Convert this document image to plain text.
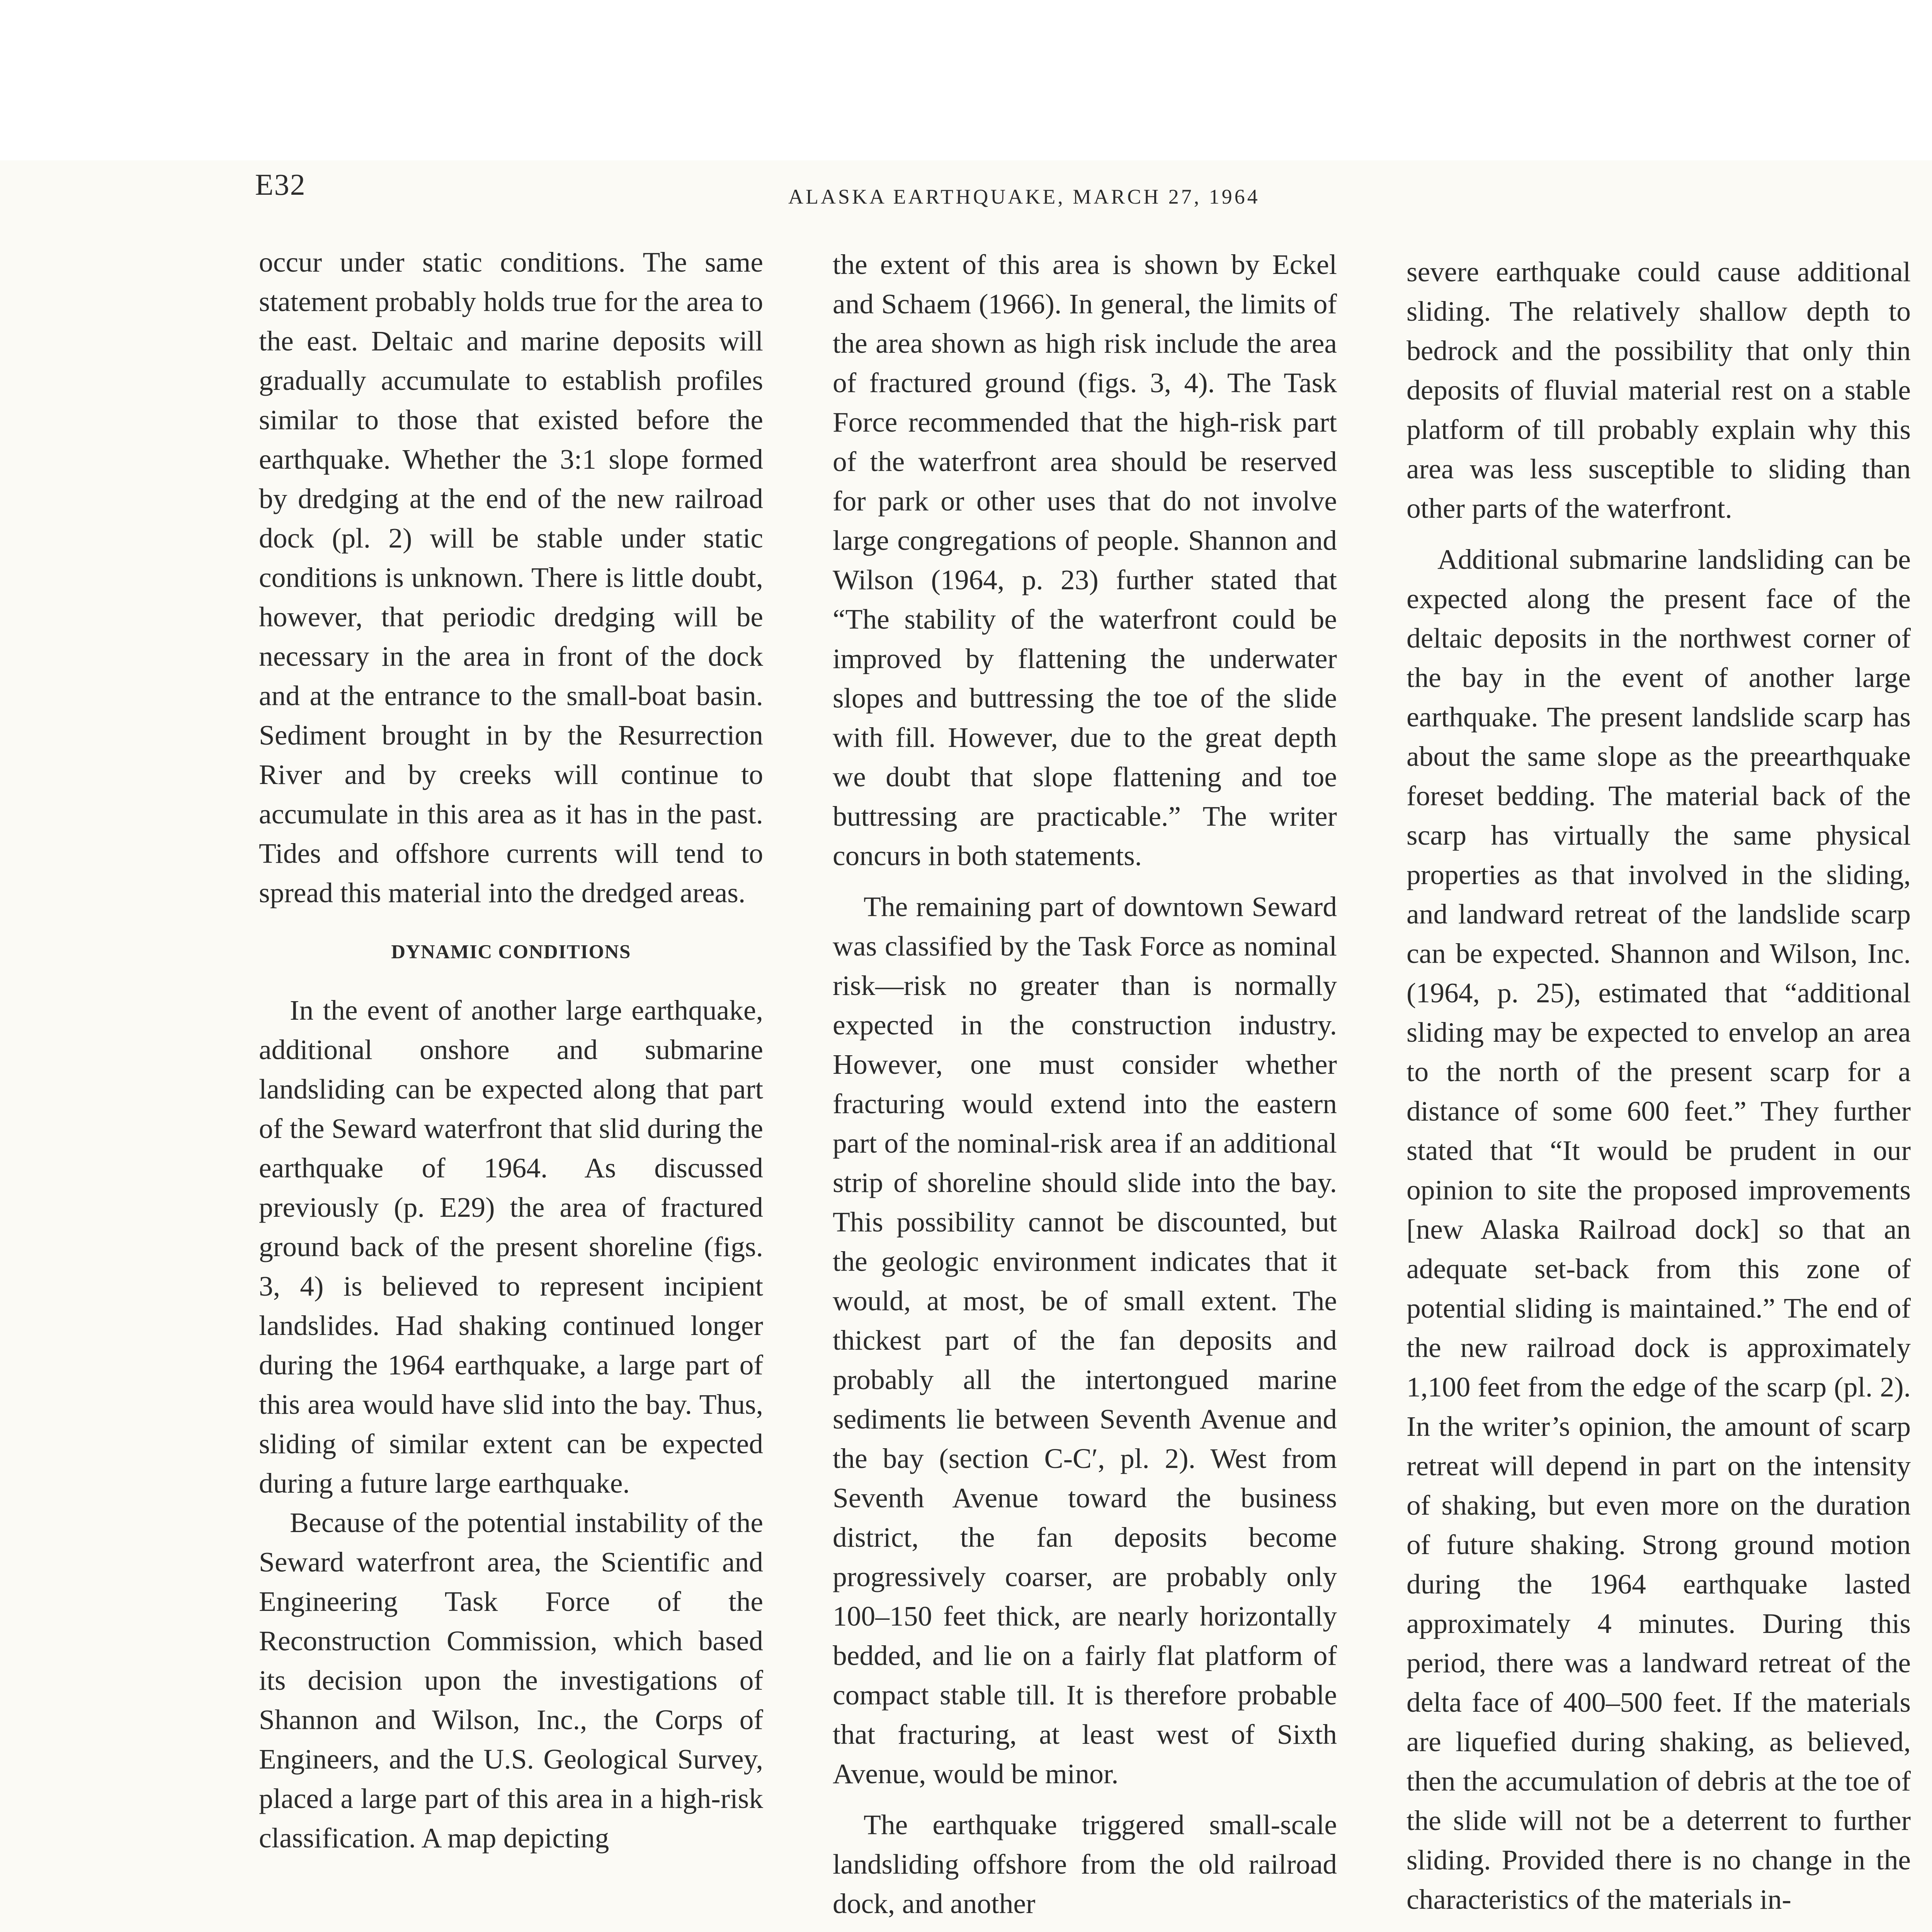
E32	ALASKA EARTHQUAKE, MARCH 27, 1964

occur under static conditions. The same statement probably holds true for the area to the east. Deltaic and marine deposits will gradually accumulate to establish profiles similar to those that existed before the earthquake. Whether the 3:1 slope formed by dredging at the end of the new railroad dock (pl. 2) will be stable under static conditions is unknown. There is little doubt, however, that periodic dredging will be necessary in the area in front of the dock and at the entrance to the small-boat basin. Sediment brought in by the Resurrection River and by creeks will continue to accumulate in this area as it has in the past. Tides and offshore currents will tend to spread this material into the dredged areas.

DYNAMIC CONDITIONS

In the event of another large earthquake, additional onshore and submarine landsliding can be expected along that part of the Seward waterfront that slid during the earthquake of 1964. As discussed previously (p. E29) the area of fractured ground back of the present shoreline (figs. 3, 4) is believed to represent incipient landslides. Had shaking continued longer during the 1964 earthquake, a large part of this area would have slid into the bay. Thus, sliding of similar extent can be expected during a future large earthquake.

Because of the potential instability of the Seward waterfront area, the Scientific and Engineering Task Force of the Reconstruction Commission, which based its decision upon the investigations of Shannon and Wilson, Inc., the Corps of Engineers, and the U.S. Geological Survey, placed a large part of this area in a high-risk classification. A map depicting

the extent of this area is shown by Eckel and Schaem (1966). In general, the limits of the area shown as high risk include the area of fractured ground (figs. 3, 4). The Task Force recommended that the high-risk part of the waterfront area should be reserved for park or other uses that do not involve large congregations of people. Shannon and Wilson (1964, p. 23) further stated that “The stability of the waterfront could be improved by flattening the underwater slopes and buttressing the toe of the slide with fill. However, due to the great depth we doubt that slope flattening and toe buttressing are practicable.” The writer concurs in both statements.

The remaining part of downtown Seward was classified by the Task Force as nominal risk—risk no greater than is normally expected in the construction industry. However, one must consider whether fracturing would extend into the eastern part of the nominal-risk area if an additional strip of shoreline should slide into the bay. This possibility cannot be discounted, but the geologic environment indicates that it would, at most, be of small extent. The thickest part of the fan deposits and probably all the intertongued marine sediments lie between Seventh Avenue and the bay (section C-C′, pl. 2). West from Seventh Avenue toward the business district, the fan deposits become progressively coarser, are probably only 100–150 feet thick, are nearly horizontally bedded, and lie on a fairly flat platform of compact stable till. It is therefore probable that fracturing, at least west of Sixth Avenue, would be minor.

The earthquake triggered small-scale landsliding offshore from the old railroad dock, and another

severe earthquake could cause additional sliding. The relatively shallow depth to bedrock and the possibility that only thin deposits of fluvial material rest on a stable platform of till probably explain why this area was less susceptible to sliding than other parts of the waterfront.

Additional submarine landsliding can be expected along the present face of the deltaic deposits in the northwest corner of the bay in the event of another large earthquake. The present landslide scarp has about the same slope as the preearthquake foreset bedding. The material back of the scarp has virtually the same physical properties as that involved in the sliding, and landward retreat of the landslide scarp can be expected. Shannon and Wilson, Inc. (1964, p. 25), estimated that “additional sliding may be expected to envelop an area to the north of the present scarp for a distance of some 600 feet.” They further stated that “It would be prudent in our opinion to site the proposed improvements [new Alaska Railroad dock] so that an adequate set-back from this zone of potential sliding is maintained.” The end of the new railroad dock is approximately 1,100 feet from the edge of the scarp (pl. 2). In the writer’s opinion, the amount of scarp retreat will depend in part on the intensity of shaking, but even more on the duration of future shaking. Strong ground motion during the 1964 earthquake lasted approximately 4 minutes. During this period, there was a landward retreat of the delta face of 400–500 feet. If the materials are liquefied during shaking, as believed, then the accumulation of debris at the toe of the slide will not be a deterrent to further sliding. Provided there is no change in the characteristics of the materials in-
